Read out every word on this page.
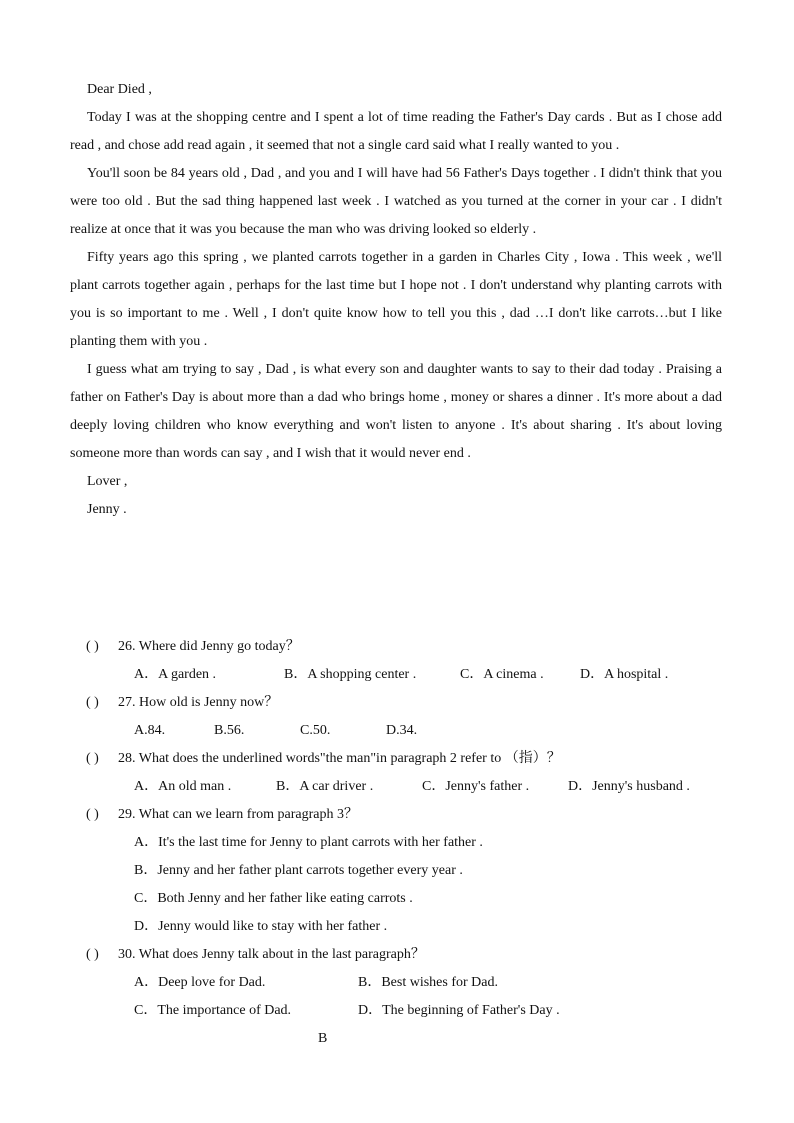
Dear Died ,

Today I was at the shopping centre and I spent a lot of time reading the Father's Day cards . But as I chose add read , and chose add read again , it seemed that not a single card said what I really wanted to you .

You'll soon be 84 years old , Dad , and you and I will have had 56 Father's Days together . I didn't think that you were too old . But the sad thing happened last week . I watched as you turned at the corner in your car . I didn't realize at once that it was you because the man who was driving looked so elderly .

Fifty years ago this spring , we planted carrots together in a garden in Charles City , Iowa . This week , we'll plant carrots together again , perhaps for the last time but I hope not . I don't understand why planting carrots with you is so important to me . Well , I don't quite know how to tell you this , dad …I don't like carrots…but I like planting them with you .

I guess what am trying to say , Dad , is what every son and daughter wants to say to their dad today . Praising a father on Father's Day is about more than a dad who brings home , money or shares a dinner . It's more about a dad deeply loving children who know everything and won't listen to anyone . It's about sharing . It's about loving someone more than words can say , and I wish that it would never end .

Lover ,

Jenny .

( )	26. Where did Jenny go today？
A．A garden .	B．A shopping center .	C．A cinema .	D．A hospital .
( )	27. How old is Jenny now？
A.84.	B.56.	C.50.	D.34.
( )	28. What does the underlined words"the man"in paragraph 2 refer to （指）？
A．An old man .	B．A car driver .	C．Jenny's father .	D．Jenny's husband .
( )	29. What can we learn from paragraph 3？
A．It's the last time for Jenny to plant carrots with her father .
B．Jenny and her father plant carrots together every year .
C．Both Jenny and her father like eating carrots .
D．Jenny would like to stay with her father .
( )	30. What does Jenny talk about in the last paragraph？
A．Deep love for Dad.	B．Best wishes for Dad.
C．The importance of Dad.	D．The beginning of Father's Day .
B
